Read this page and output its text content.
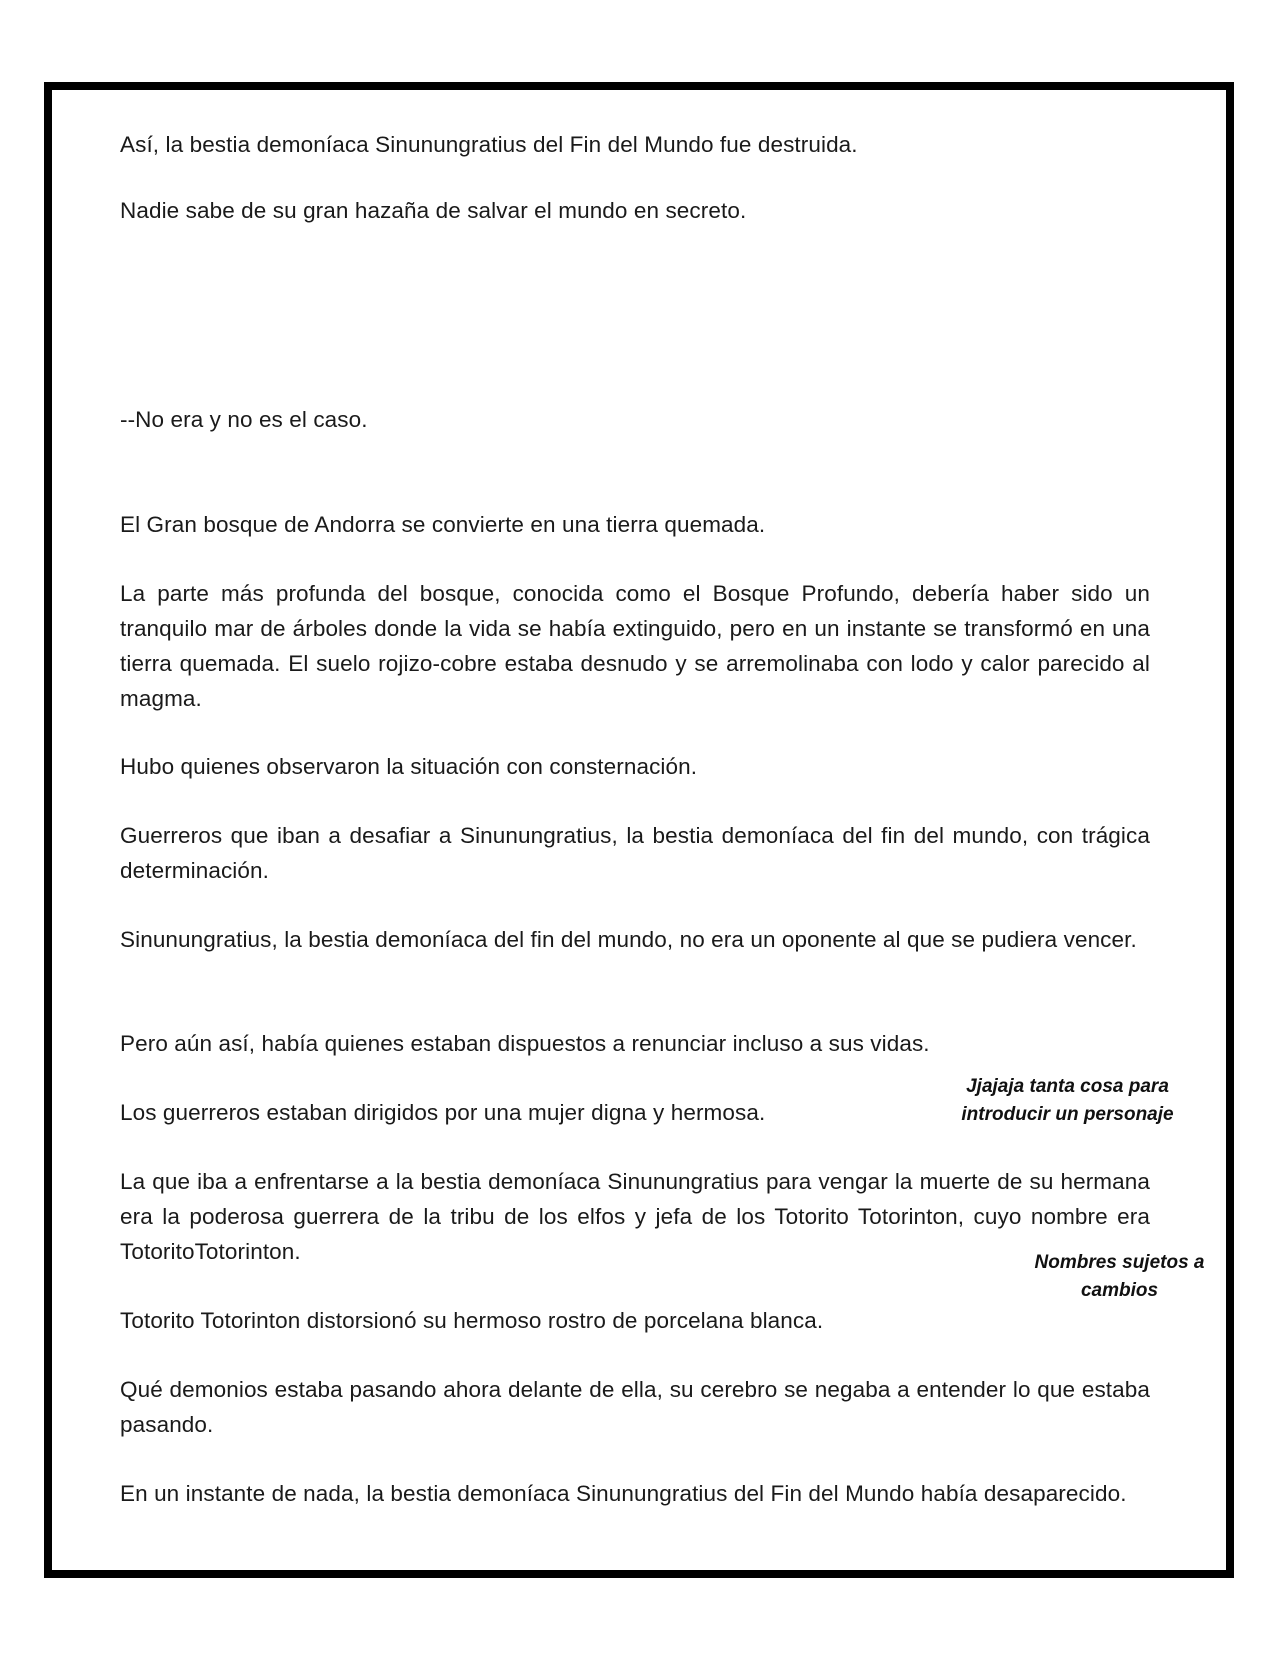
Así, la bestia demoníaca Sinunungratius del Fin del Mundo fue destruida.

Nadie sabe de su gran hazaña de salvar el mundo en secreto.

--No era y no es el caso.

El Gran bosque de Andorra se convierte en una tierra quemada.

La parte más profunda del bosque, conocida como el Bosque Profundo, debería haber sido un tranquilo mar de árboles donde la vida se había extinguido, pero en un instante se transformó en una tierra quemada. El suelo rojizo-cobre estaba desnudo y se arremolinaba con lodo y calor parecido al magma.

Hubo quienes observaron la situación con consternación.

Guerreros que iban a desafiar a Sinunungratius, la bestia demoníaca del fin del mundo, con trágica determinación.

Sinunungratius, la bestia demoníaca del fin del mundo, no era un oponente al que se pudiera vencer.

Pero aún así, había quienes estaban dispuestos a renunciar incluso a sus vidas.

Los guerreros estaban dirigidos por una mujer digna y hermosa.

La que iba a enfrentarse a la bestia demoníaca Sinunungratius para vengar la muerte de su hermana era la poderosa guerrera de la tribu de los elfos y jefa de los Totorito Totorinton, cuyo nombre era TotoritoTotorinton.

Totorito Totorinton distorsionó su hermoso rostro de porcelana blanca.

Qué demonios estaba pasando ahora delante de ella, su cerebro se negaba a entender lo que estaba pasando.

En un instante de nada, la bestia demoníaca Sinunungratius del Fin del Mundo había desaparecido.

Jjajaja tanta cosa para introducir un personaje
Nombres sujetos a cambios
